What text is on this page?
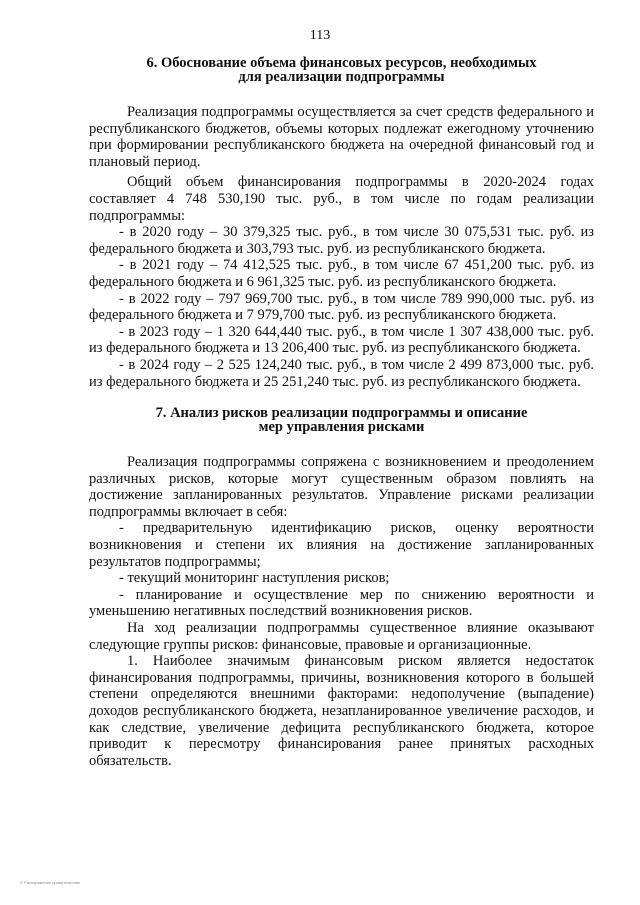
113
6. Обоснование объема финансовых ресурсов, необходимых
для реализации подпрограммы

Реализация подпрограммы осуществляется за счет средств федерального и республиканского бюджетов, объемы которых подлежат ежегодному уточнению при формировании республиканского бюджета на очередной финансовый год и плановый период.

Общий объем финансирования подпрограммы в 2020-2024 годах составляет 4 748 530,190 тыс. руб., в том числе по годам реализации подпрограммы:

- в 2020 году – 30 379,325 тыс. руб., в том числе 30 075,531 тыс. руб. из федерального бюджета и 303,793 тыс. руб. из республиканского бюджета.

- в 2021 году – 74 412,525 тыс. руб., в том числе 67 451,200 тыс. руб. из федерального бюджета и 6 961,325 тыс. руб. из республиканского бюджета.

- в 2022 году – 797 969,700 тыс. руб., в том числе 789 990,000 тыс. руб. из федерального бюджета и 7 979,700 тыс. руб. из республиканского бюджета.

- в 2023 году – 1 320 644,440 тыс. руб., в том числе 1 307 438,000 тыс. руб. из федерального бюджета и 13 206,400 тыс. руб. из республиканского бюджета.

- в 2024 году – 2 525 124,240 тыс. руб., в том числе 2 499 873,000 тыс. руб. из федерального бюджета и 25 251,240 тыс. руб. из республиканского бюджета.

7. Анализ рисков реализации подпрограммы и описание
мер управления рисками

Реализация подпрограммы сопряжена с возникновением и преодолением различных рисков, которые могут существенным образом повлиять на достижение запланированных результатов. Управление рисками реализации подпрограммы включает в себя:

- предварительную идентификацию рисков, оценку вероятности возникновения и степени их влияния на достижение запланированных результатов подпрограммы;

- текущий мониторинг наступления рисков;

- планирование и осуществление мер по снижению вероятности и уменьшению негативных последствий возникновения рисков.

На ход реализации подпрограммы существенное влияние оказывают следующие группы рисков: финансовые, правовые и организационные.

1. Наиболее значимым финансовым риском является недостаток финансирования подпрограммы, причины, возникновения которого в большей степени определяются внешними факторами: недополучение (выпадение) доходов республиканского бюджета, незапланированное увеличение расходов, и как следствие, увеличение дефицита республиканского бюджета, которое приводит к пересмотру финансирования ранее принятых расходных обязательств.

© Распоряжение правительства
